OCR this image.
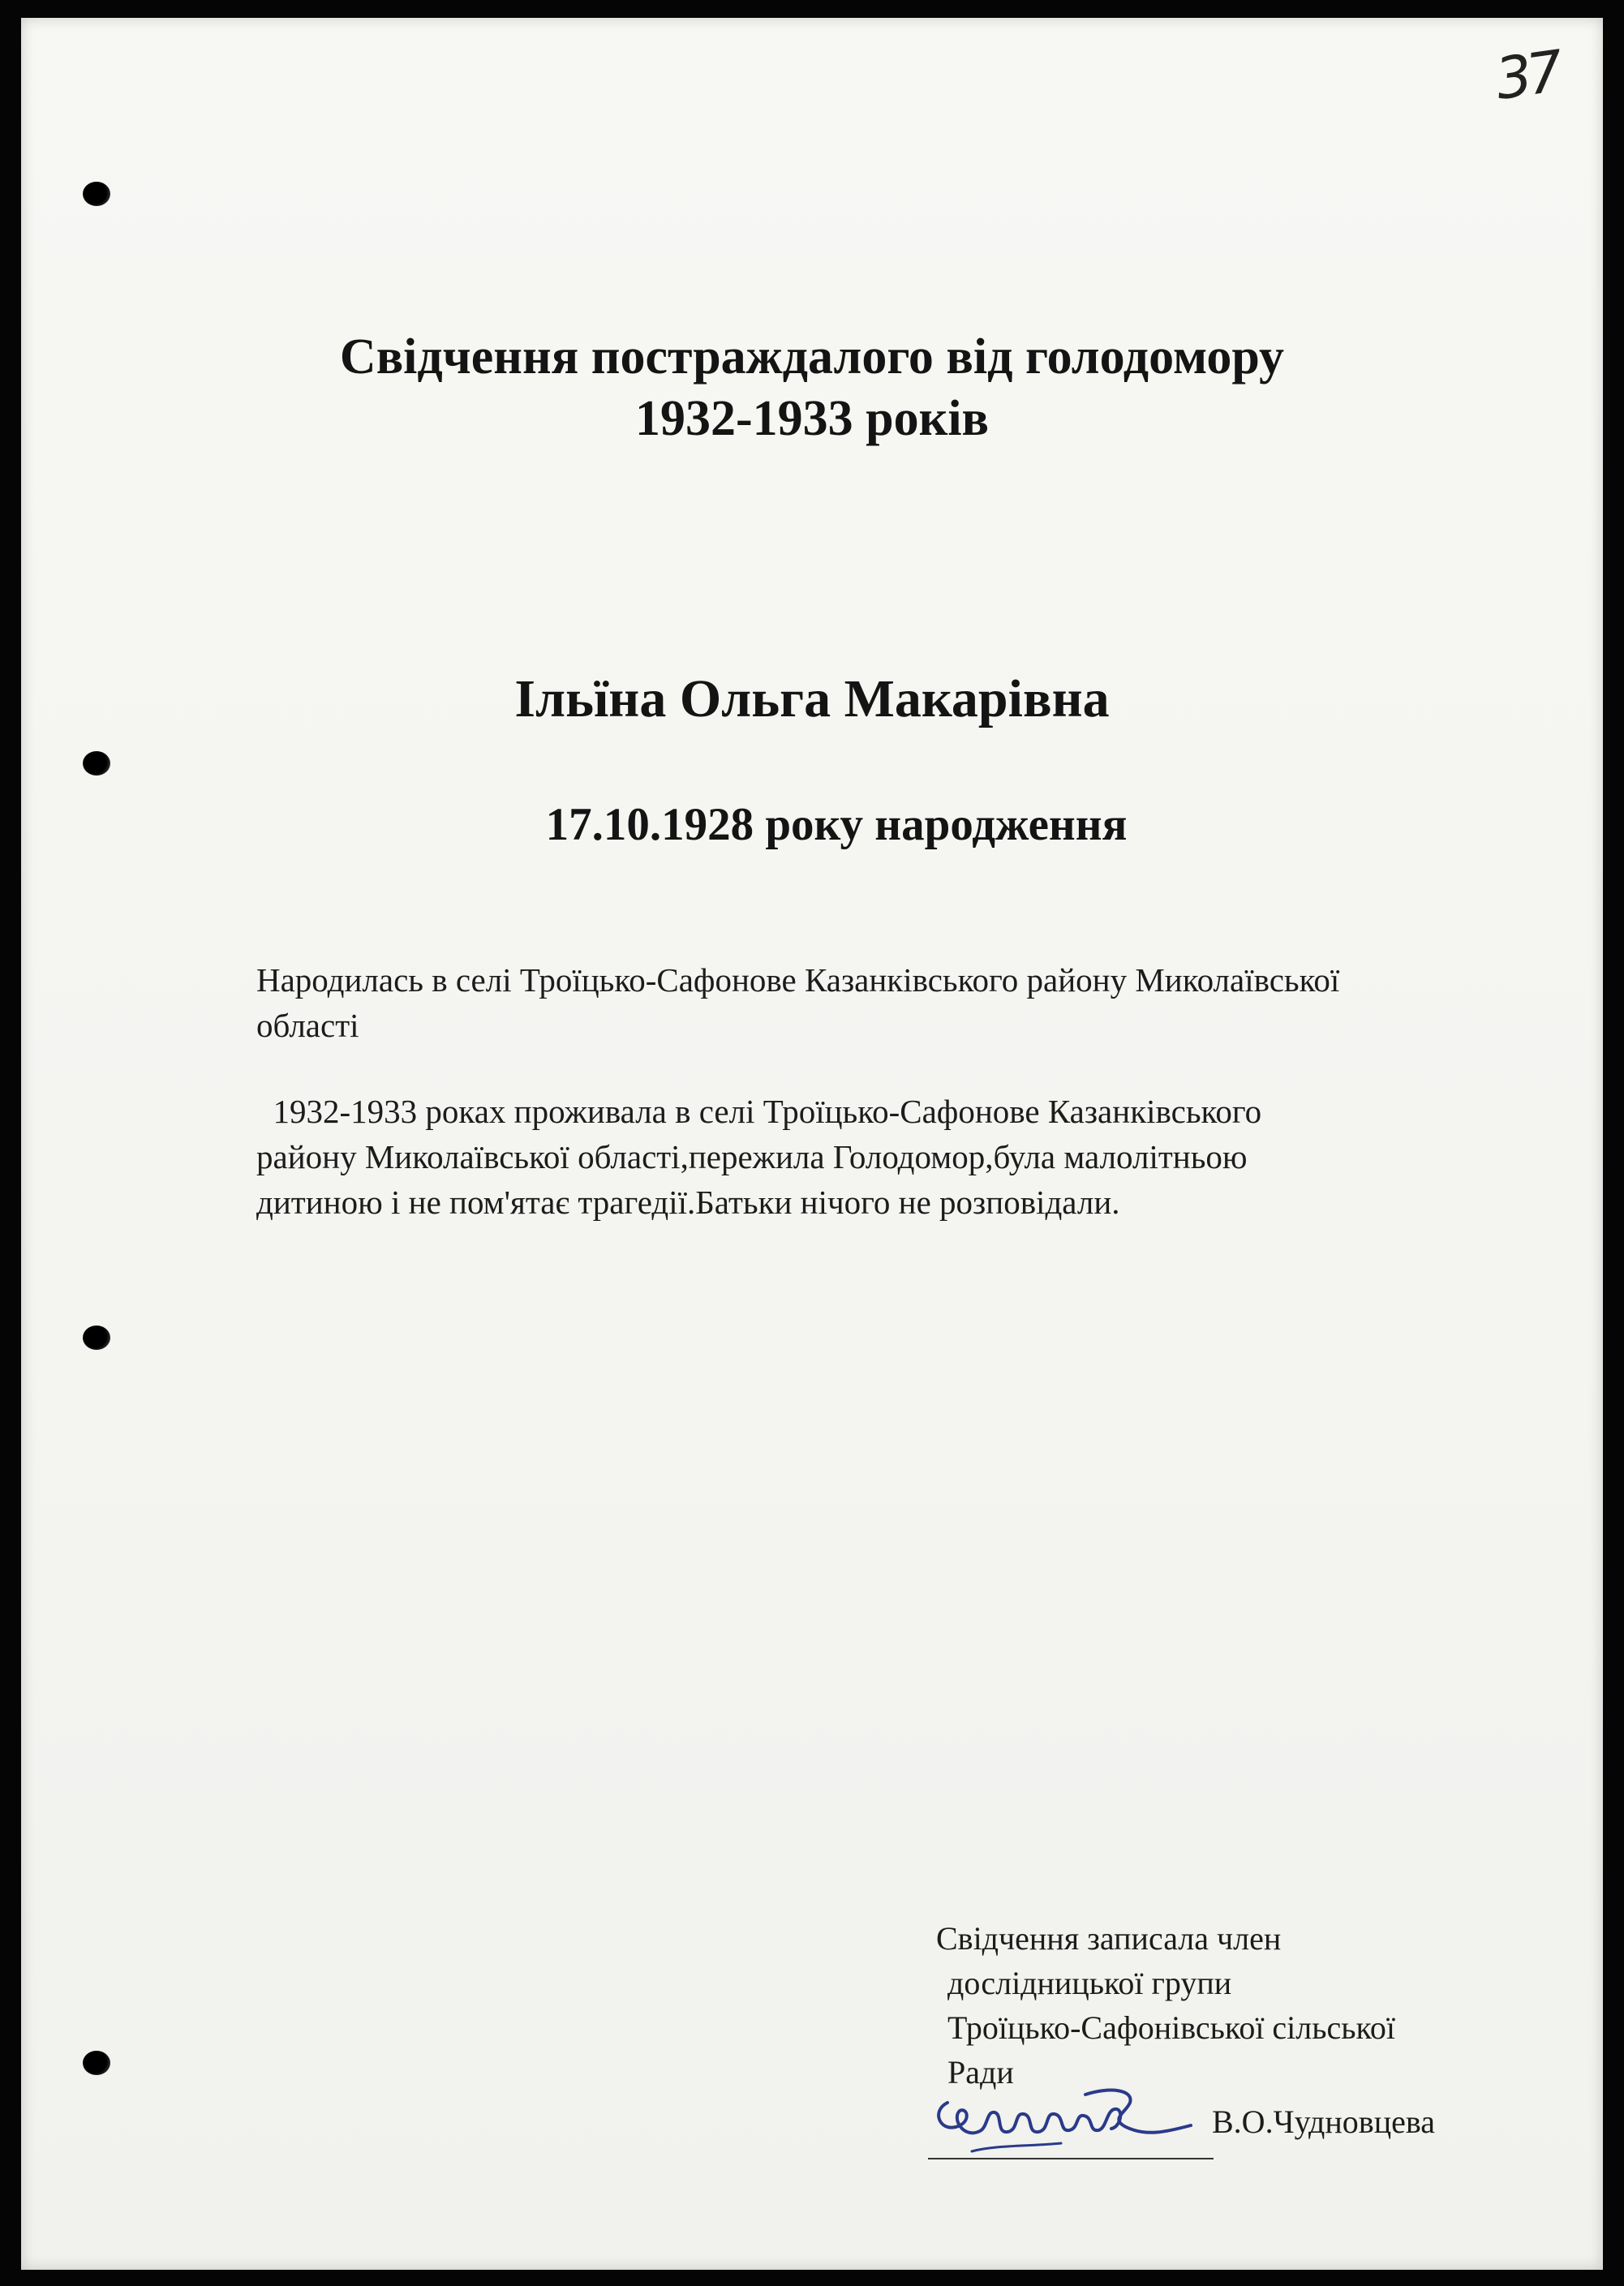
37
Свідчення постраждалого від голодомору
1932-1933 років
Ільїна Ольга Макарівна
17.10.1928 року народження

Народилась в селі Троїцько-Сафонове Казанківського району Миколаївської
області

1932-1933 роках проживала в селі Троїцько-Сафонове Казанківського
району Миколаївської області,пережила Голодомор,була малолітньою
дитиною і не пом'ятає трагедії.Батьки нічого не розповідали.

Свідчення записала член
дослідницької групи
Троїцько-Сафонівської сільської
Ради
В.О.Чудновцева
